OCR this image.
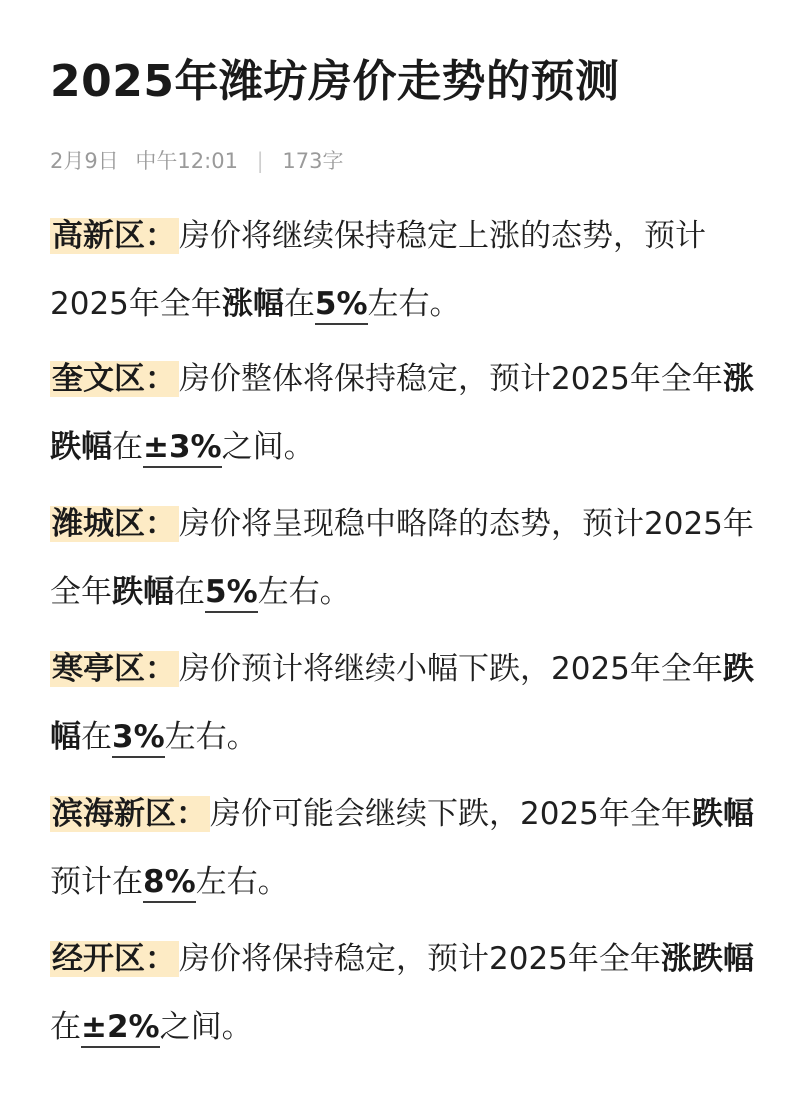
2025年潍坊房价走势的预测
2月9日 中午12:01 | 173字

高新区：房价将继续保持稳定上涨的态势，预计2025年全年涨幅在5%左右。

奎文区：房价整体将保持稳定，预计2025年全年涨跌幅在±3%之间。

潍城区：房价将呈现稳中略降的态势，预计2025年全年跌幅在5%左右。

寒亭区：房价预计将继续小幅下跌，2025年全年跌幅在3%左右。

滨海新区：房价可能会继续下跌，2025年全年跌幅预计在8%左右。

经开区：房价将保持稳定，预计2025年全年涨跌幅在±2%之间。
